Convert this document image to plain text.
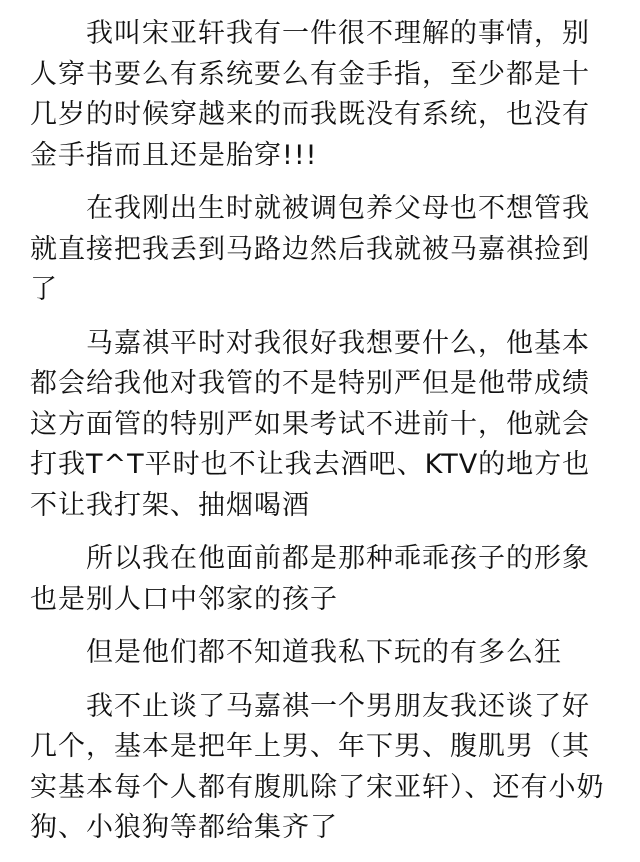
我叫宋亚轩我有一件很不理解的事情，别人穿书要么有系统要么有金手指，至少都是十几岁的时候穿越来的而我既没有系统，也没有金手指而且还是胎穿!!!

在我刚出生时就被调包养父母也不想管我就直接把我丢到马路边然后我就被马嘉祺捡到了

马嘉祺平时对我很好我想要什么，他基本都会给我他对我管的不是特别严但是他带成绩这方面管的特别严如果考试不进前十，他就会打我T^T平时也不让我去酒吧、KTV的地方也不让我打架、抽烟喝酒

所以我在他面前都是那种乖乖孩子的形象也是别人口中邻家的孩子

但是他们都不知道我私下玩的有多么狂

我不止谈了马嘉祺一个男朋友我还谈了好几个，基本是把年上男、年下男、腹肌男（其实基本每个人都有腹肌除了宋亚轩）、还有小奶狗、小狼狗等都给集齐了
